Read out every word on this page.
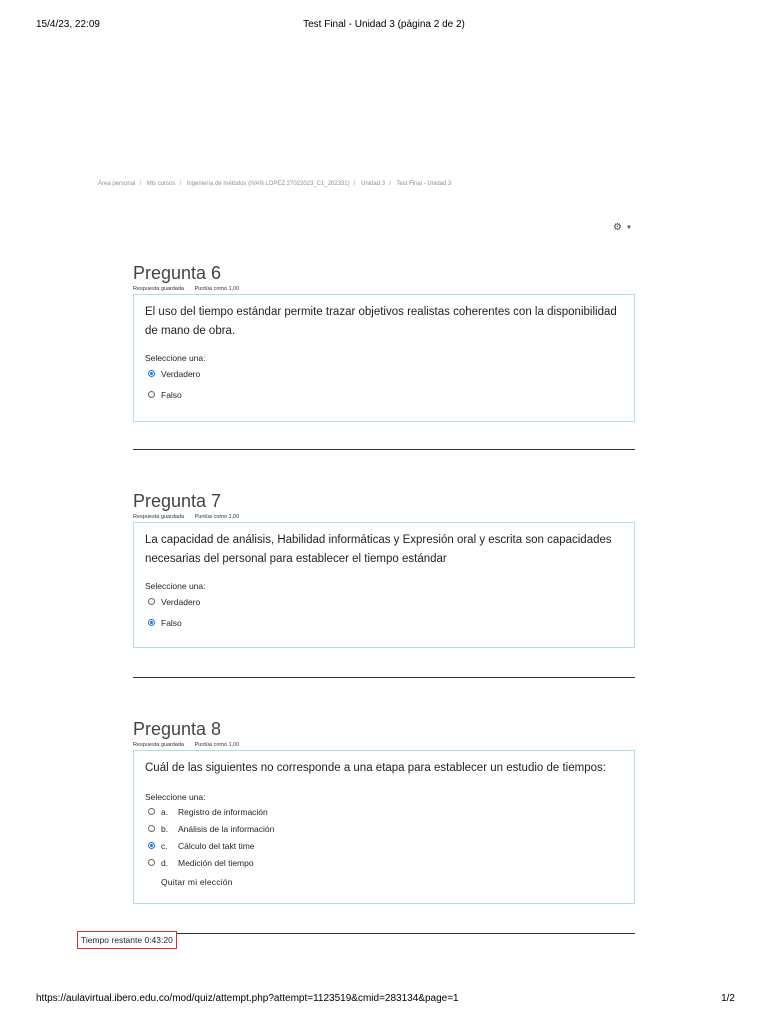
15/4/23, 22:09	Test Final - Unidad 3 (página 2 de 2)
Área personal / Mis cursos / Ingeniería de métodos (IVAN LOPEZ 27022023_C1_202331) / Unidad 3 / Test Final - Unidad 3
⚙ ▼
Pregunta 6
Respuesta guardada Puntúa como 1,00
El uso del tiempo estándar permite trazar objetivos realistas coherentes con la disponibilidad de mano de obra.
Seleccione una:
Verdadero
Falso
Pregunta 7
Respuesta guardada Puntúa como 1,00
La capacidad de análisis, Habilidad informáticas y Expresión oral y escrita son capacidades necesarias del personal para establecer el tiempo estándar
Seleccione una:
Verdadero
Falso
Pregunta 8
Respuesta guardada Puntúa como 1,00
Cuál de las siguientes no corresponde a una etapa para establecer un estudio de tiempos:
Seleccione una:
a.	Registro de información
b.	Análisis de la información
c.	Cálculo del takt time
d.	Medición del tiempo
Quitar mi elección
Tiempo restante 0:43:20
https://aulavirtual.ibero.edu.co/mod/quiz/attempt.php?attempt=1123519&cmid=283134&page=1	1/2
